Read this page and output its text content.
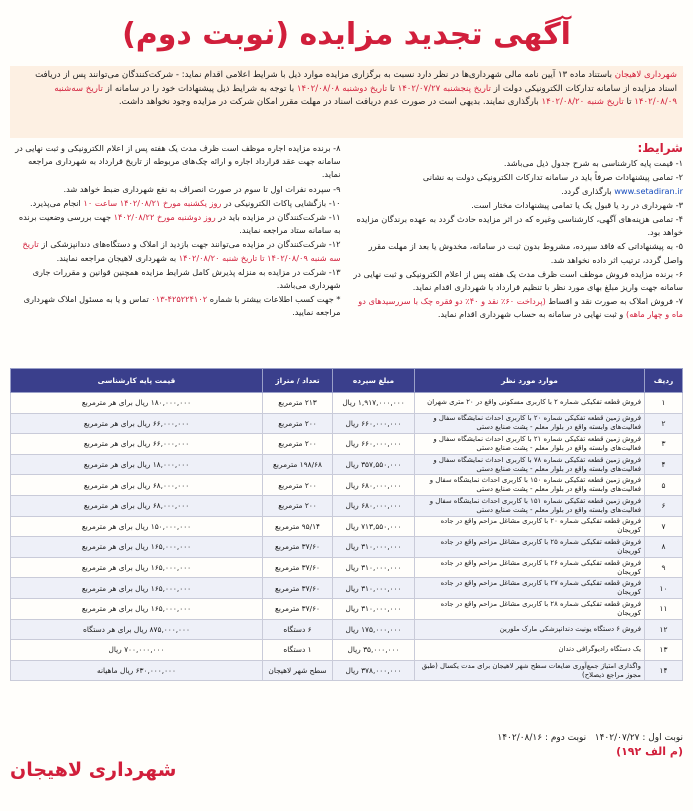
آگهی تجدید مزایده (نوبت دوم)
شهرداری لاهیجان باستناد ماده ۱۳ آیین نامه مالی شهرداری‌ها در نظر دارد نسبت به برگزاری مزایده موارد ذیل با شرایط اعلامی اقدام نماید: - شرکت‌کنندگان می‌توانند پس از دریافت اسناد مزایده از سامانه تدارکات الکترونیکی دولت از تاریخ پنجشنبه ۱۴۰۲/۰۷/۲۷ تا تاریخ دوشنبه ۱۴۰۲/۰۸/۰۸ با توجه به شرایط ذیل پیشنهادات خود را در سامانه از تاریخ سه‌شنبه ۱۴۰۲/۰۸/۰۹ تا تاریخ شنبه ۱۴۰۲/۰۸/۲۰ بارگذاری نمایند. بدیهی است در صورت عدم دریافت اسناد در مهلت مقرر امکان شرکت در مزایده وجود نخواهد داشت.
شرایط:

۱- قیمت پایه کارشناسی به شرح جدول ذیل می‌باشد.

۲- تمامی پیشنهادات صرفاً باید در سامانه تدارکات الکترونیکی دولت به نشانی www.setadiran.ir بارگذاری گردد.

۳- شهرداری در رد یا قبول یک یا تمامی پیشنهادات مختار است.

۴- تمامی هزینه‌های آگهی، کارشناسی وغیره که در اثر مزایده حادث گردد به عهده برندگان مزایده خواهد بود.

۵- به پیشنهاداتی که فاقد سپرده، مشروط بدون ثبت در سامانه، مخدوش یا بعد از مهلت مقرر واصل گردد، ترتیب اثر داده نخواهد شد.

۶- برنده مزایده فروش موظف است ظرف مدت یک هفته پس از اعلام الکترونیکی و ثبت نهایی در سامانه جهت واریز مبلغ بهای مورد نظر با تنظیم قرارداد با شهرداری اقدام نماید.

۷- فروش املاک به صورت نقد و اقساط (پرداخت ۶۰٪ نقد و ۴۰٪ دو فقره چک با سررسیدهای دو ماه و چهار ماهه) و ثبت نهایی در سامانه به حساب شهرداری اقدام نماید.

۸- برنده مزایده اجاره موظف است ظرف مدت یک هفته پس از اعلام الکترونیکی و ثبت نهایی در سامانه جهت عقد قرارداد اجاره و ارائه چک‌های مربوطه از تاریخ قرارداد به شهرداری مراجعه نماید.

۹- سپرده نفرات اول تا سوم در صورت انصراف به نفع شهرداری ضبط خواهد شد.

۱۰- بازگشایی پاکات الکترونیکی در روز یکشنبه مورخ ۱۴۰۲/۰۸/۲۱ ساعت ۱۰ انجام می‌پذیرد.

۱۱- شرکت‌کنندگان در مزایده باید در روز دوشنبه مورخ ۱۴۰۲/۰۸/۲۲ جهت بررسی وضعیت برنده به سامانه ستاد مراجعه نمایند.

۱۲- شرکت‌کنندگان در مزایده می‌توانند جهت بازدید از املاک و دستگاه‌های دندانپزشکی از تاریخ سه شنبه ۱۴۰۲/۰۸/۰۹ تا تاریخ شنبه ۱۴۰۲/۰۸/۲۰ به شهرداری لاهیجان مراجعه نمایند.

۱۳- شرکت در مزایده به منزله پذیرش کامل شرایط مزایده همچنین قوانین و مقررات جاری شهرداری می‌باشد.

* جهت کسب اطلاعات بیشتر با شماره ۴۲۵۲۲۴۱۰۲-۰۱۳ تماس و یا به مسئول املاک شهرداری مراجعه نمایید.

ردیف	موارد مورد نظر	مبلغ سپرده	تعداد / متراژ	قیمت پایه کارشناسی
۱	فروش قطعه تفکیکی شماره ۲ با کاربری مسکونی واقع در ۲۰ متری شهران	۱,۹۱۷,۰۰۰,۰۰۰ ریال	۲۱۳ مترمربع	۱۸۰,۰۰۰,۰۰۰ ریال برای هر مترمربع
۲	فروش زمین قطعه تفکیکی شماره ۲۰ با کاربری احداث نمایشگاه سفال و فعالیت‌های وابسته واقع در بلوار معلم - پشت صنایع دستی	۶۶۰,۰۰۰,۰۰۰ ریال	۲۰۰ مترمربع	۶۶,۰۰۰,۰۰۰ ریال برای هر مترمربع
۳	فروش زمین قطعه تفکیکی شماره ۲۱ با کاربری احداث نمایشگاه سفال و فعالیت‌های وابسته واقع در بلوار معلم - پشت صنایع دستی	۶۶۰,۰۰۰,۰۰۰ ریال	۲۰۰ مترمربع	۶۶,۰۰۰,۰۰۰ ریال برای هر مترمربع
۴	فروش زمین قطعه تفکیکی شماره ۷۸ با کاربری احداث نمایشگاه سفال و فعالیت‌های وابسته واقع در بلوار معلم - پشت صنایع دستی	۳۵۷,۵۵۰,۰۰۰ ریال	۱۹۸/۶۸ مترمربع	۱۸,۰۰۰,۰۰۰ ریال برای هر مترمربع
۵	فروش زمین قطعه تفکیکی شماره ۱۵۰ با کاربری احداث نمایشگاه سفال و فعالیت‌های وابسته واقع در بلوار معلم - پشت صنایع دستی	۶۸۰,۰۰۰,۰۰۰ ریال	۲۰۰ مترمربع	۶۸,۰۰۰,۰۰۰ ریال برای هر مترمربع
۶	فروش زمین قطعه تفکیکی شماره ۱۵۱ با کاربری احداث نمایشگاه سفال و فعالیت‌های وابسته واقع در بلوار معلم - پشت صنایع دستی	۶۸۰,۰۰۰,۰۰۰ ریال	۲۰۰ مترمربع	۶۸,۰۰۰,۰۰۰ ریال برای هر مترمربع
۷	فروش قطعه تفکیکی شماره ۲۰ با کاربری مشاغل مزاحم واقع در جاده کوریجان	۷۱۳,۵۵۰,۰۰۰ ریال	۹۵/۱۴ مترمربع	۱۵۰,۰۰۰,۰۰۰ ریال برای هر مترمربع
۸	فروش قطعه تفکیکی شماره ۲۵ با کاربری مشاغل مزاحم واقع در جاده کوریجان	۳۱۰,۰۰۰,۰۰۰ ریال	۳۷/۶۰ مترمربع	۱۶۵,۰۰۰,۰۰۰ ریال برای هر مترمربع
۹	فروش قطعه تفکیکی شماره ۲۶ با کاربری مشاغل مزاحم واقع در جاده کوریجان	۳۱۰,۰۰۰,۰۰۰ ریال	۳۷/۶۰ مترمربع	۱۶۵,۰۰۰,۰۰۰ ریال برای هر مترمربع
۱۰	فروش قطعه تفکیکی شماره ۲۷ با کاربری مشاغل مزاحم واقع در جاده کوریجان	۳۱۰,۰۰۰,۰۰۰ ریال	۳۷/۶۰ مترمربع	۱۶۵,۰۰۰,۰۰۰ ریال برای هر مترمربع
۱۱	فروش قطعه تفکیکی شماره ۲۸ با کاربری مشاغل مزاحم واقع در جاده کوریجان	۳۱۰,۰۰۰,۰۰۰ ریال	۳۷/۶۰ مترمربع	۱۶۵,۰۰۰,۰۰۰ ریال برای هر مترمربع
۱۲	فروش ۶ دستگاه یونیت دندانپزشکی مارک ملورین	۱۷۵,۰۰۰,۰۰۰ ریال	۶ دستگاه	۸۷۵,۰۰۰,۰۰۰ ریال برای هر دستگاه
۱۳	یک دستگاه رادیوگرافی دندان	۳۵,۰۰۰,۰۰۰ ریال	۱ دستگاه	۷۰۰,۰۰۰,۰۰۰ ریال
۱۴	واگذاری امتیاز جمع‌آوری ضایعات سطح شهر لاهیجان برای مدت یکسال (طبق مجوز مراجع ذیصلاح)	۳۷۸,۰۰۰,۰۰۰ ریال	سطح شهر لاهیجان	۶۳۰,۰۰۰,۰۰۰ ریال ماهیانه
نوبت اول : ۱۴۰۲/۰۷/۲۷   نوبت دوم : ۱۴۰۲/۰۸/۱۶
(م الف ۱۹۲)
شهرداری لاهیجان
